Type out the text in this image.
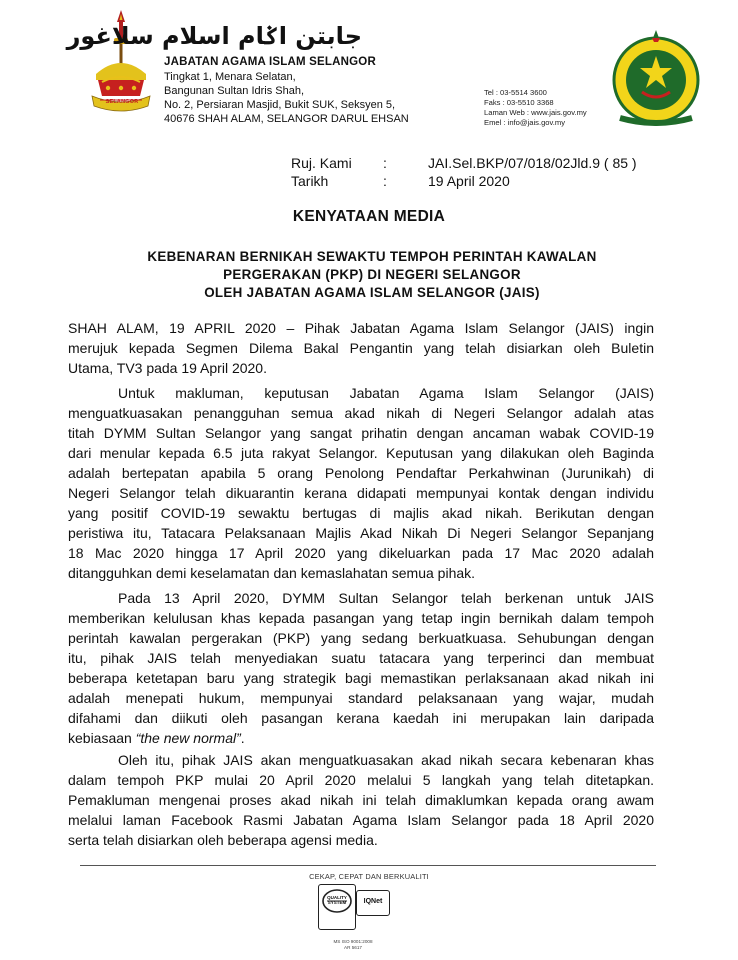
SELANGOR
جابتن اݢام اسلام سلاغور
JABATAN AGAMA ISLAM SELANGOR
Tingkat 1, Menara Selatan,
Bangunan Sultan Idris Shah,
No. 2, Persiaran Masjid, Bukit SUK, Seksyen 5,
40676 SHAH ALAM, SELANGOR DARUL EHSAN
Tel : 03-5514 3600
Faks : 03-5510 3368
Laman Web : www.jais.gov.my
Emel : info@jais.gov.my
Ruj. Kami :	JAI.Sel.BKP/07/018/02Jld.9 ( 85 )
Tarikh	:	19 April 2020
KENYATAAN MEDIA
KEBENARAN BERNIKAH SEWAKTU TEMPOH PERINTAH KAWALAN
PERGERAKAN (PKP) DI NEGERI SELANGOR
OLEH JABATAN AGAMA ISLAM SELANGOR (JAIS)
SHAH ALAM, 19 APRIL 2020 – Pihak Jabatan Agama Islam Selangor (JAIS) ingin
merujuk kepada Segmen Dilema Bakal Pengantin yang telah disiarkan oleh Buletin
Utama, TV3 pada 19 April 2020.
Untuk makluman, keputusan Jabatan Agama Islam Selangor (JAIS)
menguatkuasakan penangguhan semua akad nikah di Negeri Selangor adalah atas
titah DYMM Sultan Selangor yang sangat prihatin dengan ancaman wabak COVID-19
dari menular kepada 6.5 juta rakyat Selangor. Keputusan yang dilakukan oleh Baginda
adalah bertepatan apabila 5 orang Penolong Pendaftar Perkahwinan (Jurunikah) di
Negeri Selangor telah dikuarantin kerana didapati mempunyai kontak dengan individu
yang positif COVID-19 sewaktu bertugas di majlis akad nikah. Berikutan dengan
peristiwa itu, Tatacara Pelaksanaan Majlis Akad Nikah Di Negeri Selangor Sepanjang
18 Mac 2020 hingga 17 April 2020 yang dikeluarkan pada 17 Mac 2020 adalah
ditangguhkan demi keselamatan dan kemaslahatan semua pihak.
Pada 13 April 2020, DYMM Sultan Selangor telah berkenan untuk JAIS
memberikan kelulusan khas kepada pasangan yang tetap ingin bernikah dalam tempoh
perintah kawalan pergerakan (PKP) yang sedang berkuatkuasa. Sehubungan dengan
itu, pihak JAIS telah menyediakan suatu tatacara yang terperinci dan membuat
beberapa ketetapan baru yang strategik bagi memastikan perlaksanaan akad nikah ini
adalah menepati hukum, mempunyai standard pelaksanaan yang wajar, mudah
difahami dan diikuti oleh pasangan kerana kaedah ini merupakan lain daripada
kebiasaan “the new normal”.
Oleh itu, pihak JAIS akan menguatkuasakan akad nikah secara kebenaran khas
dalam tempoh PKP mulai 20 April 2020 melalui 5 langkah yang telah ditetapkan.
Pemakluman mengenai proses akad nikah ini telah dimaklumkan kepada orang awam
melalui laman Facebook Rasmi Jabatan Agama Islam Selangor pada 18 April 2020
serta telah disiarkan oleh beberapa agensi media.
CEKAP, CEPAT DAN BERKUALITI
QUALITY SYSTEM	IQNet
MS ISO 9001:2008
AR 5617
